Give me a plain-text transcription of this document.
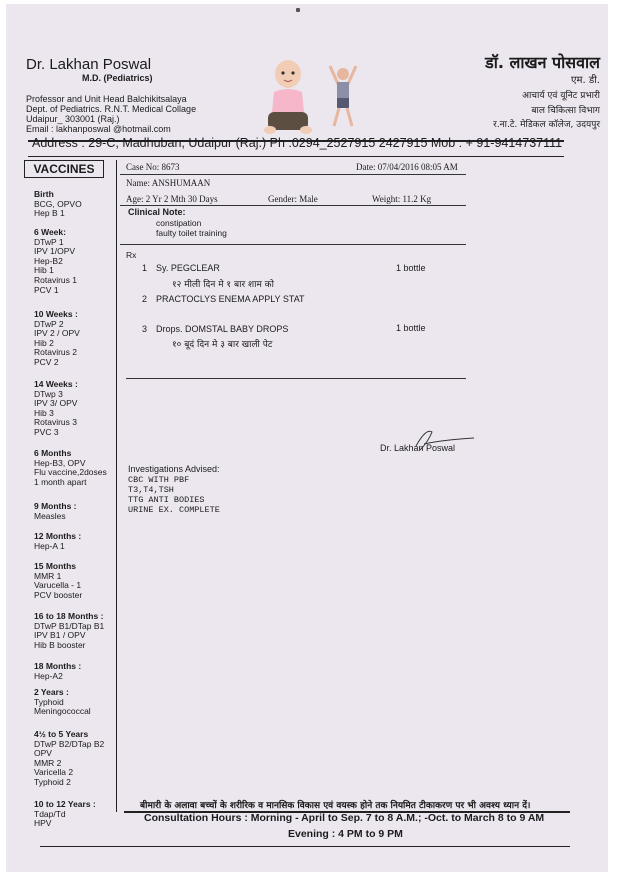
Dr. Lakhan Poswal
M.D. (Pediatrics)
Professor and Unit Head Balchikitsalaya
Dept. of Pediatrics. R.N.T. Medical Collage
Udaipur_ 303001 (Raj.)
Email : lakhanposwal @hotmail.com
डॉ. लाखन पोसवाल
एम. डी.
आचार्य एवं यूनिट प्रभारी
बाल चिकित्सा विभाग
र.ना.टे. मेडिकल कॉलेज, उदयपुर
Address : 29-C, Madhuban, Udaipur (Raj.) Ph :0294_2527915 2427915 Mob : + 91-9414737111
VACCINES
Birth
BCG, OPVO
Hep B 1
6 Week:
DTwP 1
IPV 1/OPV
Hep-B2
Hib 1
Rotavirus 1
PCV 1
10 Weeks :
DTwP 2
IPV 2 / OPV
Hib 2
Rotavirus 2
PCV 2
14 Weeks :
DTwp 3
IPV 3/ OPV
Hib 3
Rotavirus 3
PVC 3
6 Months
Hep-B3, OPV
Flu vaccine,2doses
1 month apart
9 Months :
Measles
12 Months :
Hep-A 1
15 Months
MMR 1
Varucella - 1
PCV booster
16 to 18 Months :
DTwP B1/DTap B1
IPV B1 / OPV
Hib B booster
18 Months :
Hep-A2
2 Years :
Typhoid
Meningococcal
4½ to 5 Years
DTwP B2/DTap B2
OPV
MMR 2
Varicella 2
Typhoid 2
10 to 12 Years :
Tdap/Td
HPV
Case No: 8673	Date: 07/04/2016 08:05 AM
Name: ANSHUMAAN
Age: 2 Yr 2 Mth 30 Days	Gender: Male	Weight: 11.2 Kg
Clinical Note:
constipation
faulty toilet training
Rx
1 Sy. PEGCLEAR	1 bottle
१२ मीली दिन मे १ बार शाम को
2 PRACTOCLYS ENEMA APPLY STAT
3 Drops. DOMSTAL BABY DROPS	1 bottle
१० बूदं दिन मे ३ बार खाली पेट
Dr. Lakhan Poswal
Investigations Advised:
CBC WITH PBF
T3,T4,TSH
TTG ANTI BODIES
URINE EX. COMPLETE
बीमारी के अलावा बच्चों के शरीरिक व मानसिक विकास एवं वयस्क होने तक नियमित टीकाकरण पर भी अवश्य ध्यान दें।
Consultation Hours : Morning - April to Sep. 7 to 8 A.M.; -Oct. to March 8 to 9 AM
Evening : 4 PM to 9 PM
